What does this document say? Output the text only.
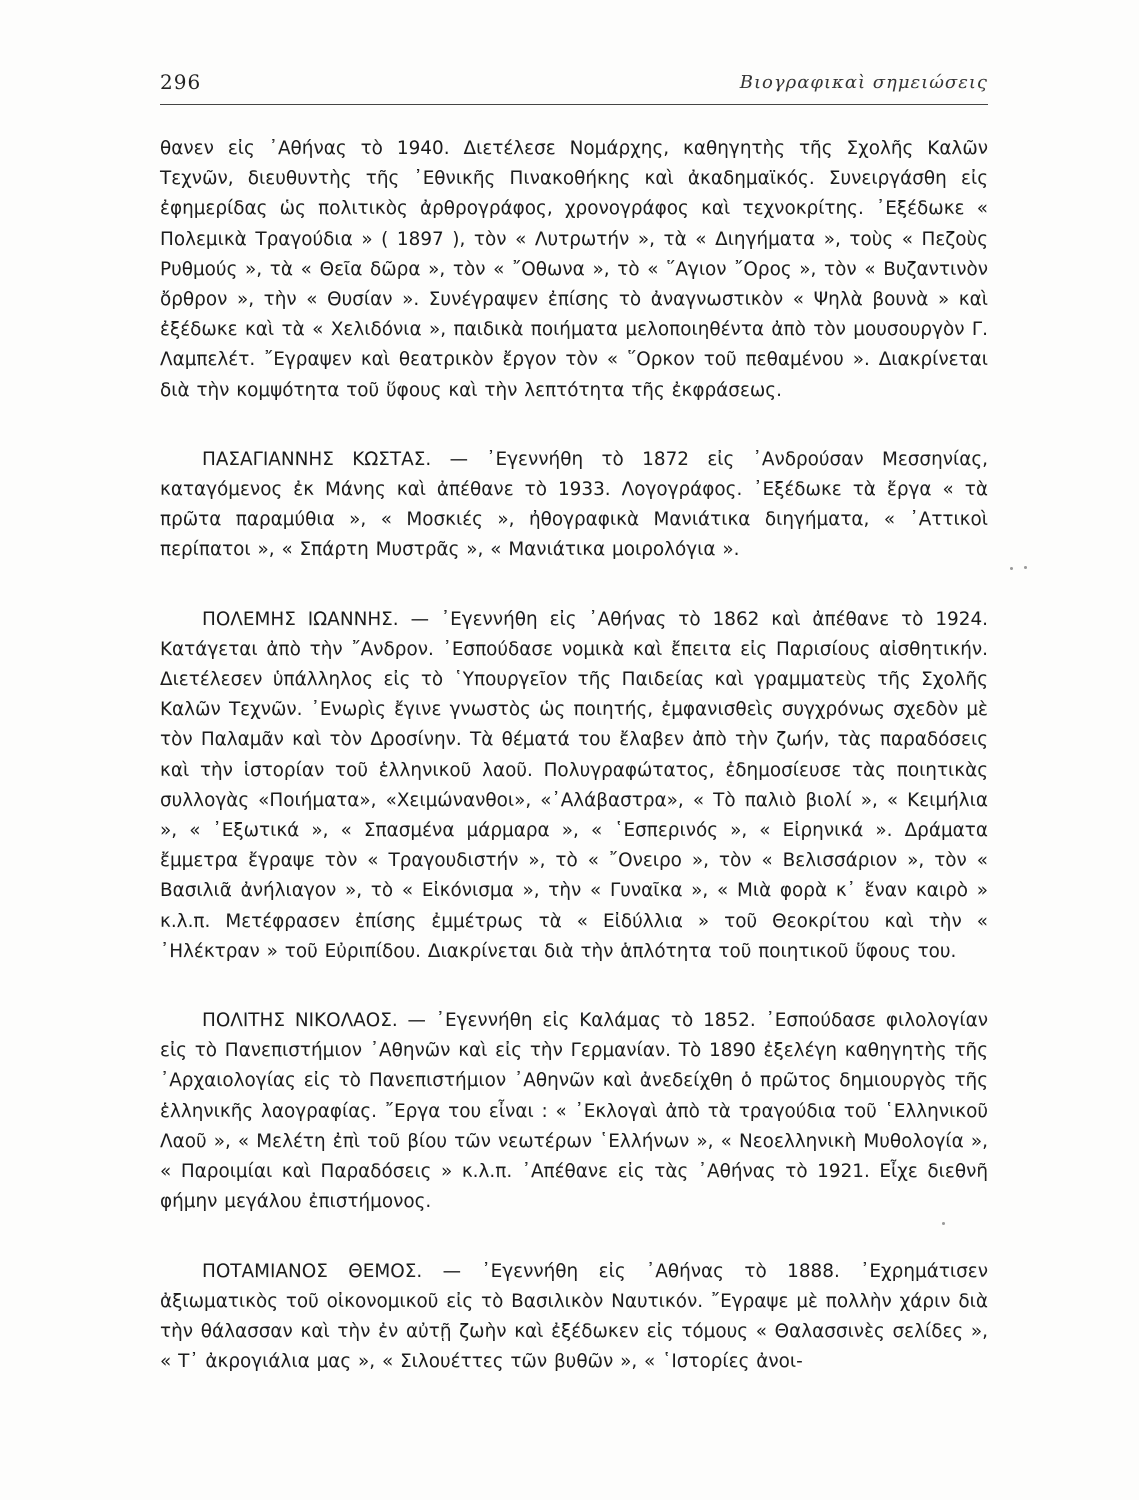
296	Βιογραφικαὶ σημειώσεις

θανεν εἰς ᾿Αθήνας τὸ 1940. Διετέλεσε Νομάρχης, καθηγητὴς τῆς Σχολῆς Καλῶν Τεχνῶν, διευθυντὴς τῆς ᾿Εθνικῆς Πινακοθήκης καὶ ἀκαδημαϊκός. Συνειργάσθη εἰς ἐφημερίδας ὡς πολιτικὸς ἀρθρογράφος, χρονογράφος καὶ τεχνοκρίτης. ᾿Εξέδωκε « Πολεμικὰ Τραγούδια » ( 1897 ), τὸν « Λυτρωτήν », τὰ « Διηγήματα », τοὺς « Πεζοὺς Ρυθμούς », τὰ « Θεῖα δῶρα », τὸν « ῎Οθωνα », τὸ « ῞Αγιον ῎Ορος », τὸν « Βυζαντινὸν ὄρθρον », τὴν « Θυσίαν ». Συνέγραψεν ἐπίσης τὸ ἀναγνωστικὸν « Ψηλὰ βουνὰ » καὶ ἐξέδωκε καὶ τὰ « Χελιδόνια », παιδικὰ ποιήματα μελοποιηθέντα ἀπὸ τὸν μουσουργὸν Γ. Λαμπελέτ. ῎Εγραψεν καὶ θεατρικὸν ἔργον τὸν « ῞Ορκον τοῦ πεθαμένου ». Διακρίνεται διὰ τὴν κομψότητα τοῦ ὕφους καὶ τὴν λεπτότητα τῆς ἐκφράσεως.

ΠΑΣΑΓΙΑΝΝΗΣ ΚΩΣΤΑΣ. — ᾿Εγεννήθη τὸ 1872 εἰς ᾿Ανδρούσαν Μεσσηνίας, καταγόμενος ἐκ Μάνης καὶ ἀπέθανε τὸ 1933. Λογογράφος. ᾿Εξέδωκε τὰ ἔργα « τὰ πρῶτα παραμύθια », « Μοσκιές », ἠθογραφικὰ Μανιάτικα διηγήματα, « ᾿Αττικοὶ περίπατοι », « Σπάρτη Μυστρᾶς », « Μανιάτικα μοιρολόγια ».

ΠΟΛΕΜΗΣ ΙΩΑΝΝΗΣ. — ᾿Εγεννήθη εἰς ᾿Αθήνας τὸ 1862 καὶ ἀπέθανε τὸ 1924. Κατάγεται ἀπὸ τὴν ῎Ανδρον. ᾿Εσπούδασε νομικὰ καὶ ἔπειτα εἰς Παρισίους αἰσθητικήν. Διετέλεσεν ὑπάλληλος εἰς τὸ ῾Υπουργεῖον τῆς Παιδείας καὶ γραμματεὺς τῆς Σχολῆς Καλῶν Τεχνῶν. ᾿Ενωρὶς ἔγινε γνωστὸς ὡς ποιητής, ἐμφανισθεὶς συγχρόνως σχεδὸν μὲ τὸν Παλαμᾶν καὶ τὸν Δροσίνην. Τὰ θέματά του ἔλαβεν ἀπὸ τὴν ζωήν, τὰς παραδόσεις καὶ τὴν ἱστορίαν τοῦ ἑλληνικοῦ λαοῦ. Πολυγραφώτατος, ἐδημοσίευσε τὰς ποιητικὰς συλλογὰς «Ποιήματα», «Χειμώνανθοι», «᾿Αλάβαστρα», « Τὸ παλιὸ βιολί », « Κειμήλια », « ᾿Εξωτικά », « Σπασμένα μάρμαρα », « ῾Εσπερινός », « Εἰρηνικά ». Δράματα ἔμμετρα ἔγραψε τὸν « Τραγουδιστήν », τὸ « ῎Ονειρο », τὸν « Βελισσάριον », τὸν « Βασιλιᾶ ἀνήλιαγον », τὸ « Εἰκόνισμα », τὴν « Γυναῖκα », « Μιὰ φορὰ κ᾿ ἕναν καιρὸ » κ.λ.π. Μετέφρασεν ἐπίσης ἐμμέτρως τὰ « Εἰδύλλια » τοῦ Θεοκρίτου καὶ τὴν « ᾿Ηλέκτραν » τοῦ Εὐριπίδου. Διακρίνεται διὰ τὴν ἁπλότητα τοῦ ποιητικοῦ ὕφους του.

ΠΟΛΙΤΗΣ ΝΙΚΟΛΑΟΣ. — ᾿Εγεννήθη εἰς Καλάμας τὸ 1852. ᾿Εσπούδασε φιλολογίαν εἰς τὸ Πανεπιστήμιον ᾿Αθηνῶν καὶ εἰς τὴν Γερμανίαν. Τὸ 1890 ἐξελέγη καθηγητὴς τῆς ᾿Αρχαιολογίας εἰς τὸ Πανεπιστήμιον ᾿Αθηνῶν καὶ ἀνεδείχθη ὁ πρῶτος δημιουργὸς τῆς ἑλληνικῆς λαογραφίας. ῎Εργα του εἶναι : « ᾿Εκλογαὶ ἀπὸ τὰ τραγούδια τοῦ ῾Ελληνικοῦ Λαοῦ », « Μελέτη ἐπὶ τοῦ βίου τῶν νεωτέρων ῾Ελλήνων », « Νεοελληνικὴ Μυθολογία », « Παροιμίαι καὶ Παραδόσεις » κ.λ.π. ᾿Απέθανε εἰς τὰς ᾿Αθήνας τὸ 1921. Εἶχε διεθνῆ φήμην μεγάλου ἐπιστήμονος.

ΠΟΤΑΜΙΑΝΟΣ ΘΕΜΟΣ. — ᾿Εγεννήθη εἰς ᾿Αθήνας τὸ 1888. ᾿Εχρημάτισεν ἀξιωματικὸς τοῦ οἰκονομικοῦ εἰς τὸ Βασιλικὸν Ναυτικόν. ῎Εγραψε μὲ πολλὴν χάριν διὰ τὴν θάλασσαν καὶ τὴν ἐν αὐτῇ ζωὴν καὶ ἐξέδωκεν εἰς τόμους « Θαλασσινὲς σελίδες », « Τ᾿ ἀκρογιάλια μας », « Σιλουέττες τῶν βυθῶν », « ῾Ιστορίες ἀνοι-
